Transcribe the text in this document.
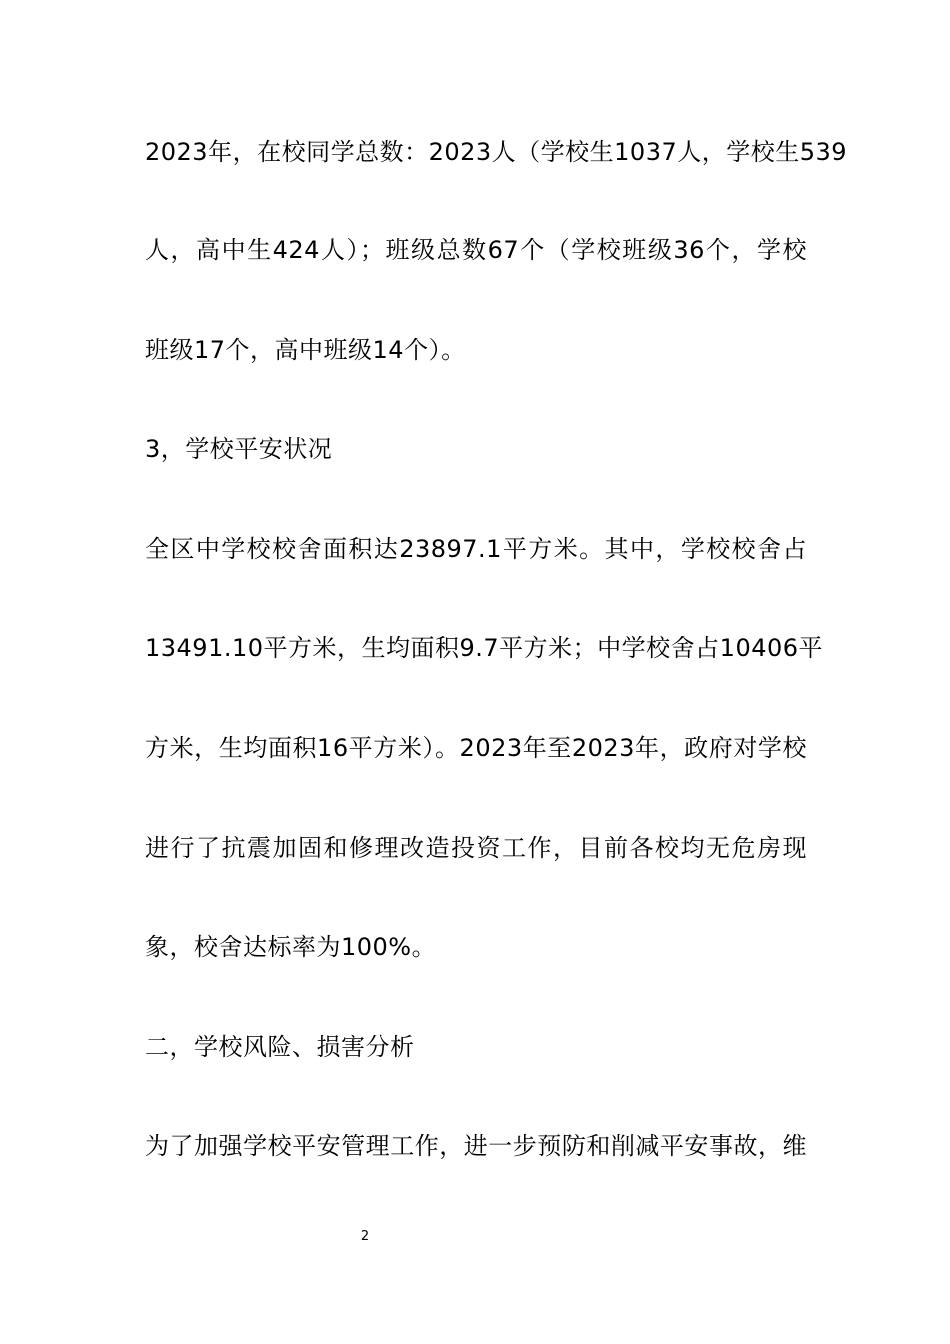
2023年，在校同学总数：2023人（学校生1037人，学校生539
人，高中生424人）；班级总数67个（学校班级36个，学校
班级17个，高中班级14个）。
3，学校平安状况
全区中学校校舍面积达23897.1平方米。其中，学校校舍占
13491.10平方米，生均面积9.7平方米；中学校舍占10406平
方米，生均面积16平方米）。2023年至2023年，政府对学校
进行了抗震加固和修理改造投资工作，目前各校均无危房现
象，校舍达标率为100%。
二，学校风险、损害分析
为了加强学校平安管理工作，进一步预防和削减平安事故，维
2
